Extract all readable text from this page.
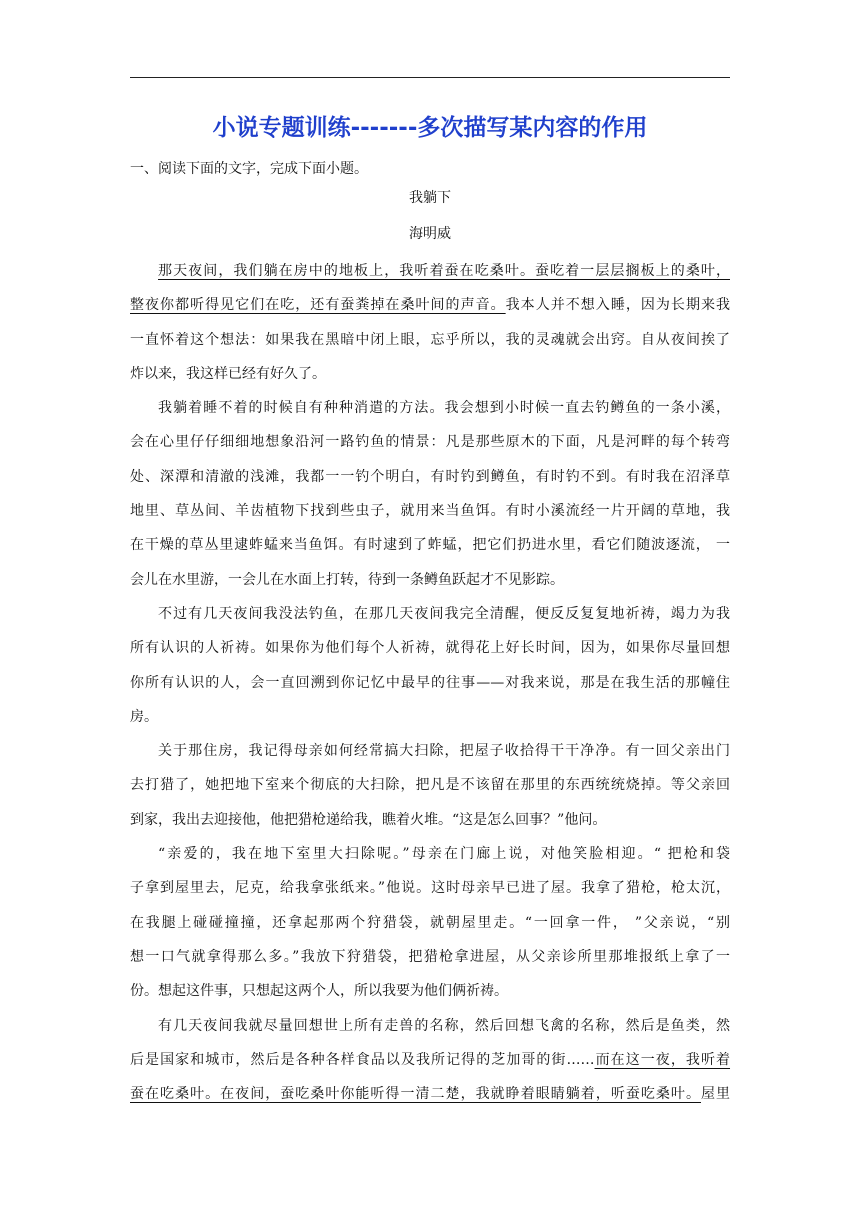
小说专题训练-------多次描写某内容的作用
一、阅读下面的文字，完成下面小题。
我躺下
海明威
那天夜间，我们躺在房中的地板上，我听着蚕在吃桑叶。蚕吃着一层层搁板上的桑叶，
整夜你都听得见它们在吃，还有蚕粪掉在桑叶间的声音。我本人并不想入睡，因为长期来我
一直怀着这个想法：如果我在黑暗中闭上眼，忘乎所以，我的灵魂就会出窍。自从夜间挨了
炸以来，我这样已经有好久了。
我躺着睡不着的时候自有种种消遣的方法。我会想到小时候一直去钓鳟鱼的一条小溪，
会在心里仔仔细细地想象沿河一路钓鱼的情景：凡是那些原木的下面，凡是河畔的每个转弯
处、深潭和清澈的浅滩，我都一一钓个明白，有时钓到鳟鱼，有时钓不到。有时我在沼泽草
地里、草丛间、羊齿植物下找到些虫子，就用来当鱼饵。有时小溪流经一片开阔的草地，我
在干燥的草丛里逮蚱蜢来当鱼饵。有时逮到了蚱蜢，把它们扔进水里，看它们随波逐流， 一
会儿在水里游，一会儿在水面上打转，待到一条鳟鱼跃起才不见影踪。
不过有几天夜间我没法钓鱼，在那几天夜间我完全清醒，便反反复复地祈祷，竭力为我
所有认识的人祈祷。如果你为他们每个人祈祷，就得花上好长时间，因为，如果你尽量回想
你所有认识的人，会一直回溯到你记忆中最早的往事——对我来说，那是在我生活的那幢住
房。
关于那住房，我记得母亲如何经常搞大扫除，把屋子收拾得干干净净。有一回父亲出门
去打猎了，她把地下室来个彻底的大扫除，把凡是不该留在那里的东西统统烧掉。等父亲回
到家，我出去迎接他，他把猎枪递给我，瞧着火堆。“这是怎么回事？”他问。
“亲爱的，我在地下室里大扫除呢。”母亲在门廊上说，对他笑脸相迎。“ 把枪和袋
子拿到屋里去，尼克，给我拿张纸来。”他说。这时母亲早已进了屋。我拿了猎枪，枪太沉，
在我腿上碰碰撞撞，还拿起那两个狩猎袋，就朝屋里走。“一回拿一件， ”父亲说，“别
想一口气就拿得那么多。”我放下狩猎袋，把猎枪拿进屋，从父亲诊所里那堆报纸上拿了一
份。想起这件事，只想起这两个人，所以我要为他们俩祈祷。
有几天夜间我就尽量回想世上所有走兽的名称，然后回想飞禽的名称，然后是鱼类，然
后是国家和城市，然后是各种各样食品以及我所记得的芝加哥的街……而在这一夜，我听着
蚕在吃桑叶。在夜间，蚕吃桑叶你能听得一清二楚，我就睁着眼睛躺着，听蚕吃桑叶。屋里
